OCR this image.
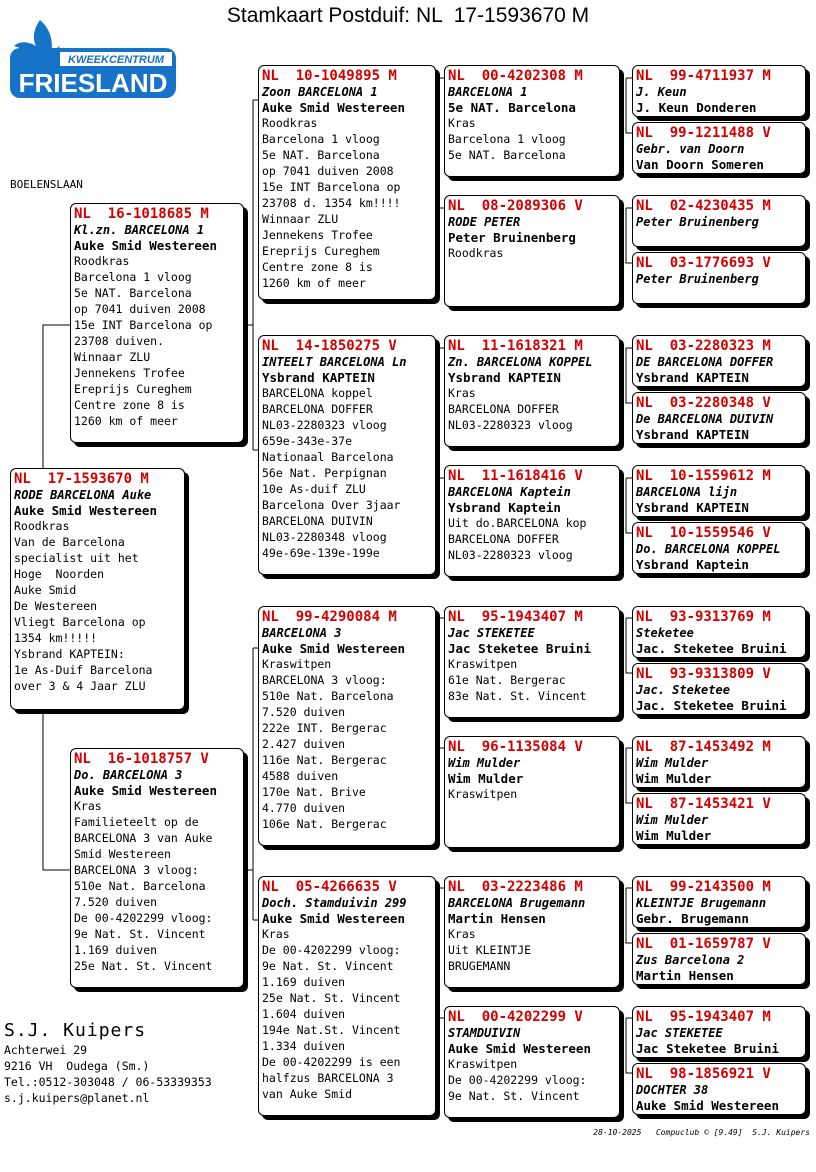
Stamkaart Postduif: NL  17-1593670 M
KWEEKCENTRUM
FRIESLAND
BOELENSLAAN
NL  17-1593670 M
RODE BARCELONA Auke
Auke Smid Westereen
Roodkras
Van de Barcelona
specialist uit het
Hoge  Noorden
Auke Smid
De Westereen
Vliegt Barcelona op
1354 km!!!!!
Ysbrand KAPTEIN:
1e As-Duif Barcelona
over 3 & 4 Jaar ZLU
NL  16-1018685 M
Kl.zn. BARCELONA 1
Auke Smid Westereen
Roodkras
Barcelona 1 vloog
5e NAT. Barcelona
op 7041 duiven 2008
15e INT Barcelona op
23708 duiven.
Winnaar ZLU
Jennekens Trofee
Ereprijs Cureghem
Centre zone 8 is
1260 km of meer
NL  16-1018757 V
Do. BARCELONA 3
Auke Smid Westereen
Kras
Familieteelt op de
BARCELONA 3 van Auke
Smid Westereen
BARCELONA 3 vloog:
510e Nat. Barcelona
7.520 duiven
De 00-4202299 vloog:
9e Nat. St. Vincent
1.169 duiven
25e Nat. St. Vincent
NL  10-1049895 M
Zoon BARCELONA 1
Auke Smid Westereen
Roodkras
Barcelona 1 vloog
5e NAT. Barcelona
op 7041 duiven 2008
15e INT Barcelona op
23708 d. 1354 km!!!!
Winnaar ZLU
Jennekens Trofee
Ereprijs Cureghem
Centre zone 8 is
1260 km of meer
NL  14-1850275 V
INTEELT BARCELONA Ln
Ysbrand KAPTEIN
BARCELONA koppel
BARCELONA DOFFER
NL03-2280323 vloog
659e-343e-37e
Nationaal Barcelona
56e Nat. Perpignan
10e As-duif ZLU
Barcelona Over 3jaar
BARCELONA DUIVIN
NL03-2280348 vloog
49e-69e-139e-199e
NL  99-4290084 M
BARCELONA 3
Auke Smid Westereen
Kraswitpen
BARCELONA 3 vloog:
510e Nat. Barcelona
7.520 duiven
222e INT. Bergerac
2.427 duiven
116e Nat. Bergerac
4588 duiven
170e Nat. Brive
4.770 duiven
106e Nat. Bergerac
NL  05-4266635 V
Doch. Stamduivin 299
Auke Smid Westereen
Kras
De 00-4202299 vloog:
9e Nat. St. Vincent
1.169 duiven
25e Nat. St. Vincent
1.604 duiven
194e Nat.St. Vincent
1.334 duiven
De 00-4202299 is een
halfzus BARCELONA 3
van Auke Smid
NL  00-4202308 M
BARCELONA 1
5e NAT. Barcelona
Kras
Barcelona 1 vloog
5e NAT. Barcelona
NL  08-2089306 V
RODE PETER
Peter Bruinenberg
Roodkras
NL  11-1618321 M
Zn. BARCELONA KOPPEL
Ysbrand KAPTEIN
Kras
BARCELONA DOFFER
NL03-2280323 vloog
NL  11-1618416 V
BARCELONA Kaptein
Ysbrand Kaptein
Uit do.BARCELONA kop
BARCELONA DOFFER
NL03-2280323 vloog
NL  95-1943407 M
Jac STEKETEE
Jac Steketee Bruini
Kraswitpen
61e Nat. Bergerac
83e Nat. St. Vincent
NL  96-1135084 V
Wim Mulder
Wim Mulder
Kraswitpen
NL  03-2223486 M
BARCELONA Brugemann
Martin Hensen
Kras
Uit KLEINTJE
BRUGEMANN
NL  00-4202299 V
STAMDUIVIN
Auke Smid Westereen
Kraswitpen
De 00-4202299 vloog:
9e Nat. St. Vincent
NL  99-4711937 M
J. Keun
J. Keun Donderen
NL  99-1211488 V
Gebr. van Doorn
Van Doorn Someren
NL  02-4230435 M
Peter Bruinenberg
NL  03-1776693 V
Peter Bruinenberg
NL  03-2280323 M
DE BARCELONA DOFFER
Ysbrand KAPTEIN
NL  03-2280348 V
De BARCELONA DUIVIN
Ysbrand KAPTEIN
NL  10-1559612 M
BARCELONA lijn
Ysbrand KAPTEIN
NL  10-1559546 V
Do. BARCELONA KOPPEL
Ysbrand Kaptein
NL  93-9313769 M
Steketee
Jac. Steketee Bruini
NL  93-9313809 V
Jac. Steketee
Jac. Steketee Bruini
NL  87-1453492 M
Wim Mulder
Wim Mulder
NL  87-1453421 V
Wim Mulder
Wim Mulder
NL  99-2143500 M
KLEINTJE Brugemann
Gebr. Brugemann
NL  01-1659787 V
Zus Barcelona 2
Martin Hensen
NL  95-1943407 M
Jac STEKETEE
Jac Steketee Bruini
NL  98-1856921 V
DOCHTER 38
Auke Smid Westereen
S.J. Kuipers
Achterwei 29
9216 VH  Oudega (Sm.)
Tel.:0512-303048 / 06-53339353
s.j.kuipers@planet.nl
28-10-2025   Compuclub © [9.49]  S.J. Kuipers
